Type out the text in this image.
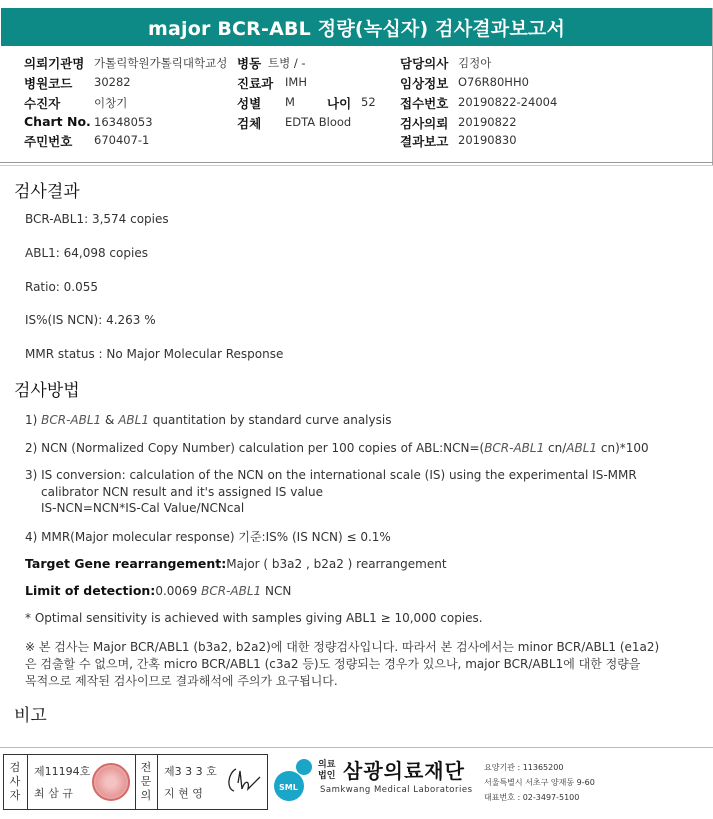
major BCR-ABL 정량(녹십자) 검사결과보고서
의뢰기관명 가톨릭학원가톨릭대학교성 병동 트병 / -	담당의사 김정아
병원코드 30282	진료과 IMH	임상정보 O76R80HH0
수진자	이창기	성별 M	나이 52 접수번호 20190822-24004
Chart No. 16348053	검체 EDTA Blood	검사의뢰 20190822
주민번호 670407-1	결과보고 20190830
검사결과
BCR-ABL1: 3,574 copies
ABL1: 64,098 copies
Ratio: 0.055
IS%(IS NCN): 4.263 %
MMR status : No Major Molecular Response
검사방법
1) BCR-ABL1 & ABL1 quantitation by standard curve analysis
2) NCN (Normalized Copy Number) calculation per 100 copies of ABL:NCN=(BCR-ABL1 cn/ABL1 cn)*100
3) IS conversion: calculation of the NCN on the international scale (IS) using the experimental IS-MMR
calibrator NCN result and it's assigned IS value
IS-NCN=NCN*IS-Cal Value/NCNcal
4) MMR(Major molecular response) 기준:IS% (IS NCN) ≤ 0.1%
Target Gene rearrangement:Major ( b3a2 , b2a2 ) rearrangement
Limit of detection:0.0069 BCR-ABL1 NCN
* Optimal sensitivity is achieved with samples giving ABL1 ≥ 10,000 copies.
※ 본 검사는 Major BCR/ABL1 (b3a2, b2a2)에 대한 정량검사입니다. 따라서 본 검사에서는 minor BCR/ABL1 (e1a2)
은 검출할 수 없으며, 간혹 micro BCR/ABL1 (c3a2 등)도 정량되는 경우가 있으나, major BCR/ABL1에 대한 정량을
목적으로 제작된 검사이므로 결과해석에 주의가 요구됩니다.
비고
검
사
자
제11194호
최 삼 규
전
문
의
제3 3 3 호
지 현 영	SML
의료
법인 삼광의료재단
Samkwang Medical Laboratories
요양기관 : 11365200
서울특별시 서초구 양재동 9-60
대표번호 : 02-3497-5100
